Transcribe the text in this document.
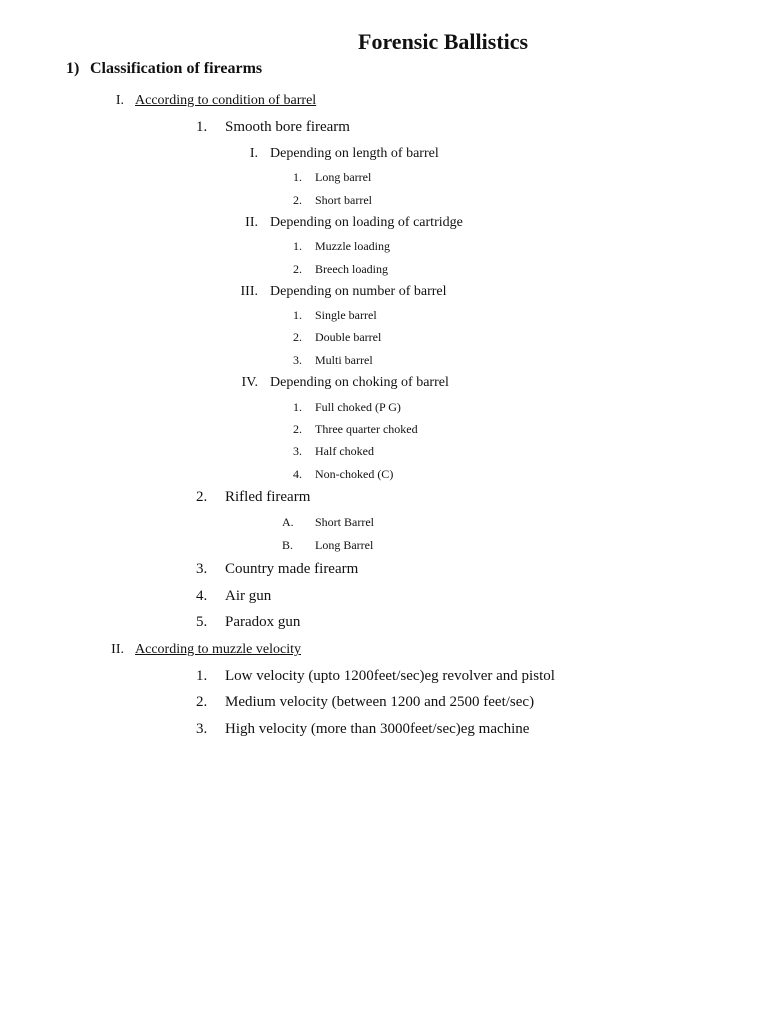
Forensic Ballistics
1) Classification of firearms
I. According to condition of barrel
1. Smooth bore firearm
I. Depending on length of barrel
1. Long barrel
2. Short barrel
II. Depending on loading of cartridge
1. Muzzle loading
2. Breech loading
III. Depending on number of barrel
1. Single barrel
2. Double barrel
3. Multi barrel
IV. Depending on choking of barrel
1. Full choked (P G)
2. Three quarter choked
3. Half choked
4. Non-choked (C)
2. Rifled firearm
A. Short Barrel
B. Long Barrel
3. Country made firearm
4. Air gun
5. Paradox gun
II. According to muzzle velocity
1. Low velocity (upto 1200feet/sec)eg revolver and pistol
2. Medium velocity (between 1200 and 2500 feet/sec)
3. High velocity (more than 3000feet/sec)eg machine
